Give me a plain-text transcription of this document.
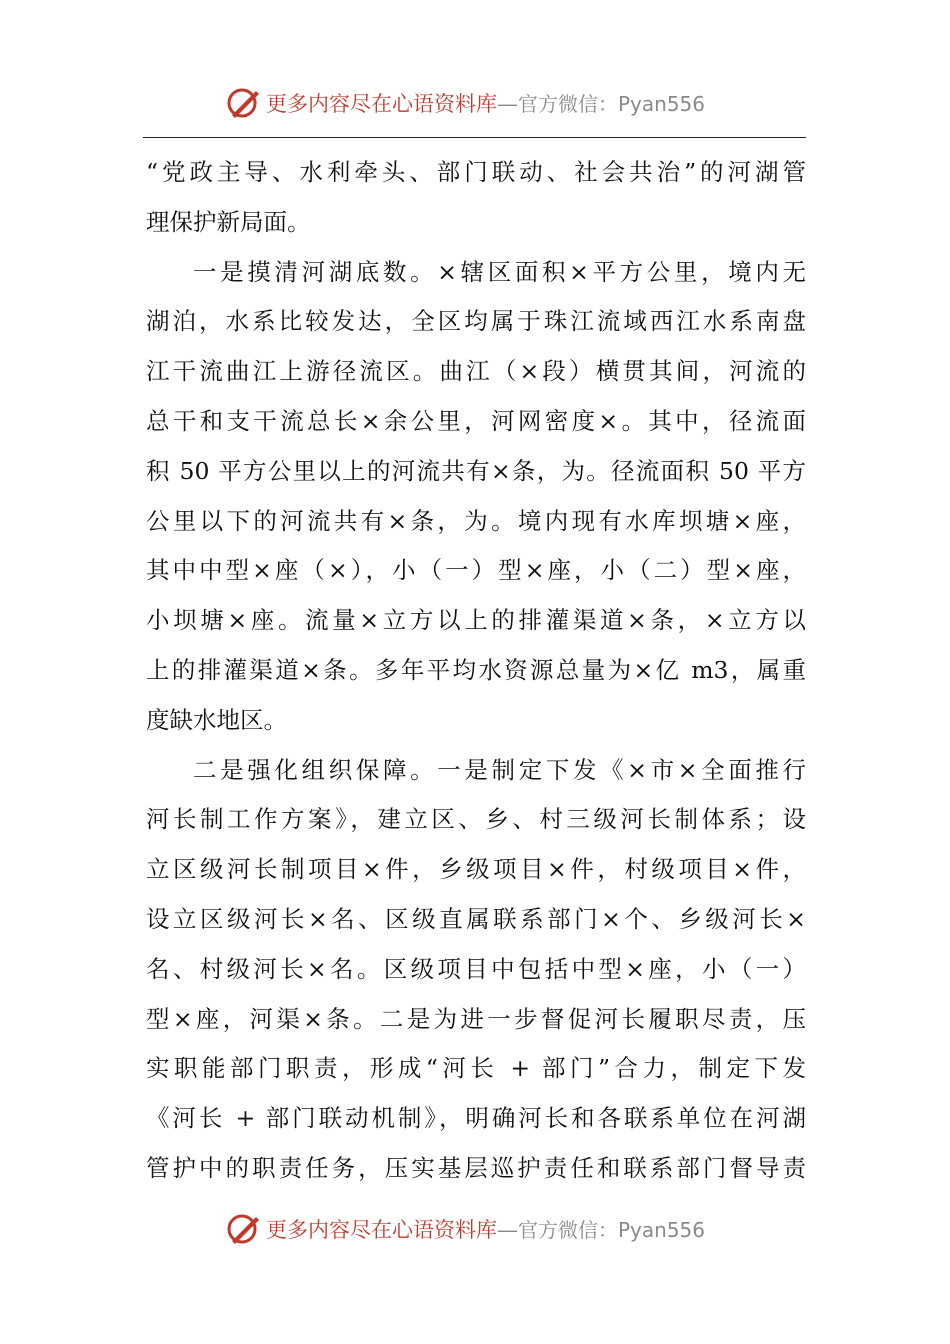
更多内容尽在心语资料库—官方微信：Pyan556
“党政主导、水利牵头、部门联动、社会共治”的河湖管
理保护新局面。
一是摸清河湖底数。×辖区面积×平方公里，境内无
湖泊，水系比较发达，全区均属于珠江流域西江水系南盘
江干流曲江上游径流区。曲江（×段）横贯其间，河流的
总干和支干流总长×余公里，河网密度×。其中，径流面
积 50 平方公里以上的河流共有×条，为。径流面积 50 平方
公里以下的河流共有×条，为。境内现有水库坝塘×座，
其中中型×座（×），小（一）型×座，小（二）型×座，
小坝塘×座。流量×立方以上的排灌渠道×条，×立方以
上的排灌渠道×条。多年平均水资源总量为×亿 m3，属重
度缺水地区。
二是强化组织保障。一是制定下发《×市×全面推行
河长制工作方案》，建立区、乡、村三级河长制体系；设
立区级河长制项目×件，乡级项目×件，村级项目×件，
设立区级河长×名、区级直属联系部门×个、乡级河长×
名、村级河长×名。区级项目中包括中型×座，小（一）
型×座，河渠×条。二是为进一步督促河长履职尽责，压
实职能部门职责，形成“河长 + 部门”合力，制定下发
《河长 + 部门联动机制》，明确河长和各联系单位在河湖
管护中的职责任务，压实基层巡护责任和联系部门督导责
更多内容尽在心语资料库—官方微信：Pyan556
